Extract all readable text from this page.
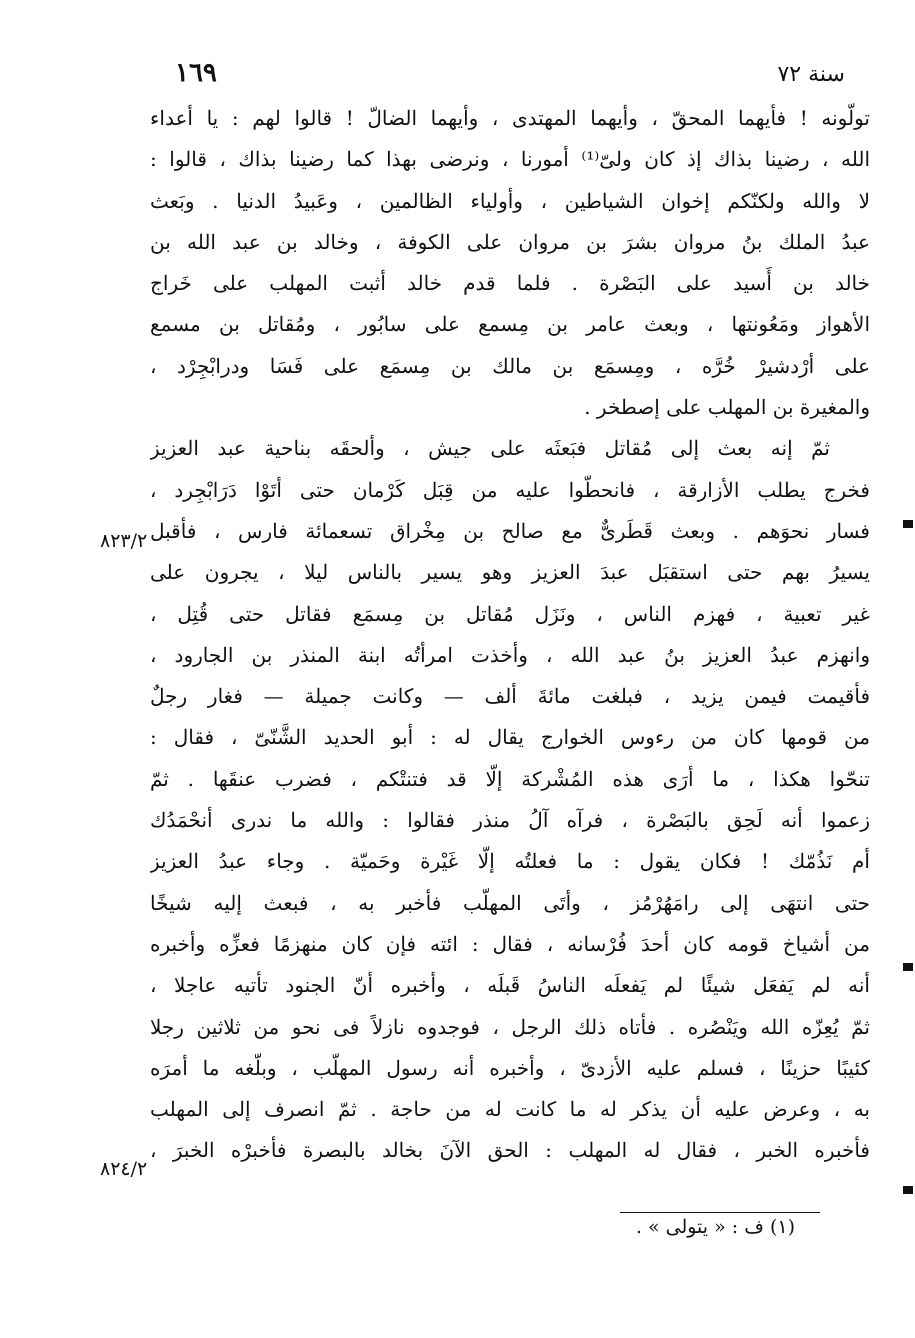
١٦٩	سنة ٧٢
تولّونه ! فأيهما المحقّ ، وأيهما المهتدى ، وأيهما الضالّ ! قالوا لهم : يا أعداء
الله ، رضينا بذاك إذ كان ولىّ⁽¹⁾ أمورنا ، ونرضى بهذا كما رضينا بذاك ، قالوا :
لا والله ولكنّكم إخوان الشياطين ، وأولياء الظالمين ، وعَبيدُ الدنيا . وبَعث
عبدُ الملك بنُ مروان بشرَ بن مروان على الكوفة ، وخالد بن عبد الله بن
خالد بن أَسيد على البَصْرة . فلما قدم خالد أثبت المهلب على خَراج
الأهواز ومَعُونتها ، وبعث عامر بن مِسمع على سابُور ، ومُقاتل بن مسمع
على أرْدشيرْ خُرَّه ، ومِسمَع بن مالك بن مِسمَع على فَسَا ودرابْجِرْد ،
والمغيرة بن المهلب على إصطخر .
ثمّ إنه بعث إلى مُقاتل فبَعثَه على جيش ، وألحقَه بناحية عبد العزيز
فخرج يطلب الأزارقة ، فانحطّوا عليه من قِبَل كَرْمان حتى أتَوْا دَرَابْجِرد ،
فسار نحوَهم . وبعث قَطَرىٌّ مع صالح بن مِخْراق تسعمائة فارس ، فأقبل
يسيرُ بهم حتى استقبَل عبدَ العزيز وهو يسير بالناس ليلا ، يجرون على
غير تعبية ، فهزم الناس ، ونَزَل مُقاتل بن مِسمَع فقاتل حتى قُتِل ،
وانهزم عبدُ العزيز بنُ عبد الله ، وأخذت امرأتُه ابنة المنذر بن الجارود ،
فأقيمت فيمن يزيد ، فبلغت مائةَ ألف — وكانت جميلة — فغار رجلٌ
من قومها كان من رءوس الخوارج يقال له : أبو الحديد الشَّنّىّ ، فقال :
تنحّوا هكذا ، ما أرَى هذه المُشْركة إلّا قد فتنتْكم ، فضرب عنقَها . ثمّ
زعموا أنه لَحِق بالبَصْرة ، فرآه آلُ منذر فقالوا : والله ما ندرى أنحْمَدُك
أم نَذُمّك ! فكان يقول : ما فعلتُه إلّا غَيْرة وحَميّة . وجاء عبدُ العزيز
حتى انتهَى إلى رامَهُرْمُز ، وأتَى المهلّب فأخبر به ، فبعث إليه شيخًا
من أشياخ قومه كان أحدَ فُرْسانه ، فقال : ائته فإن كان منهزمًا فعزِّه وأخبره
أنه لم يَفعَل شيئًا لم يَفعلَه الناسُ قَبلَه ، وأخبره أنّ الجنود تأتيه عاجلا ،
ثمّ يُعِزّه الله ويَنْصُره . فأتاه ذلك الرجل ، فوجدوه نازلاً فى نحو من ثلاثين رجلا
كئيبًا حزينًا ، فسلم عليه الأزدىّ ، وأخبره أنه رسول المهلّب ، وبلّغه ما أمرَه
به ، وعرض عليه أن يذكر له ما كانت له من حاجة . ثمّ انصرف إلى المهلب
فأخبره الخبر ، فقال له المهلب : الحق الآنَ بخالد بالبصرة فأخبرْه الخبرَ ،
٨٢٣/٢
٨٢٤/٢
(١) ف : « يتولى » .
